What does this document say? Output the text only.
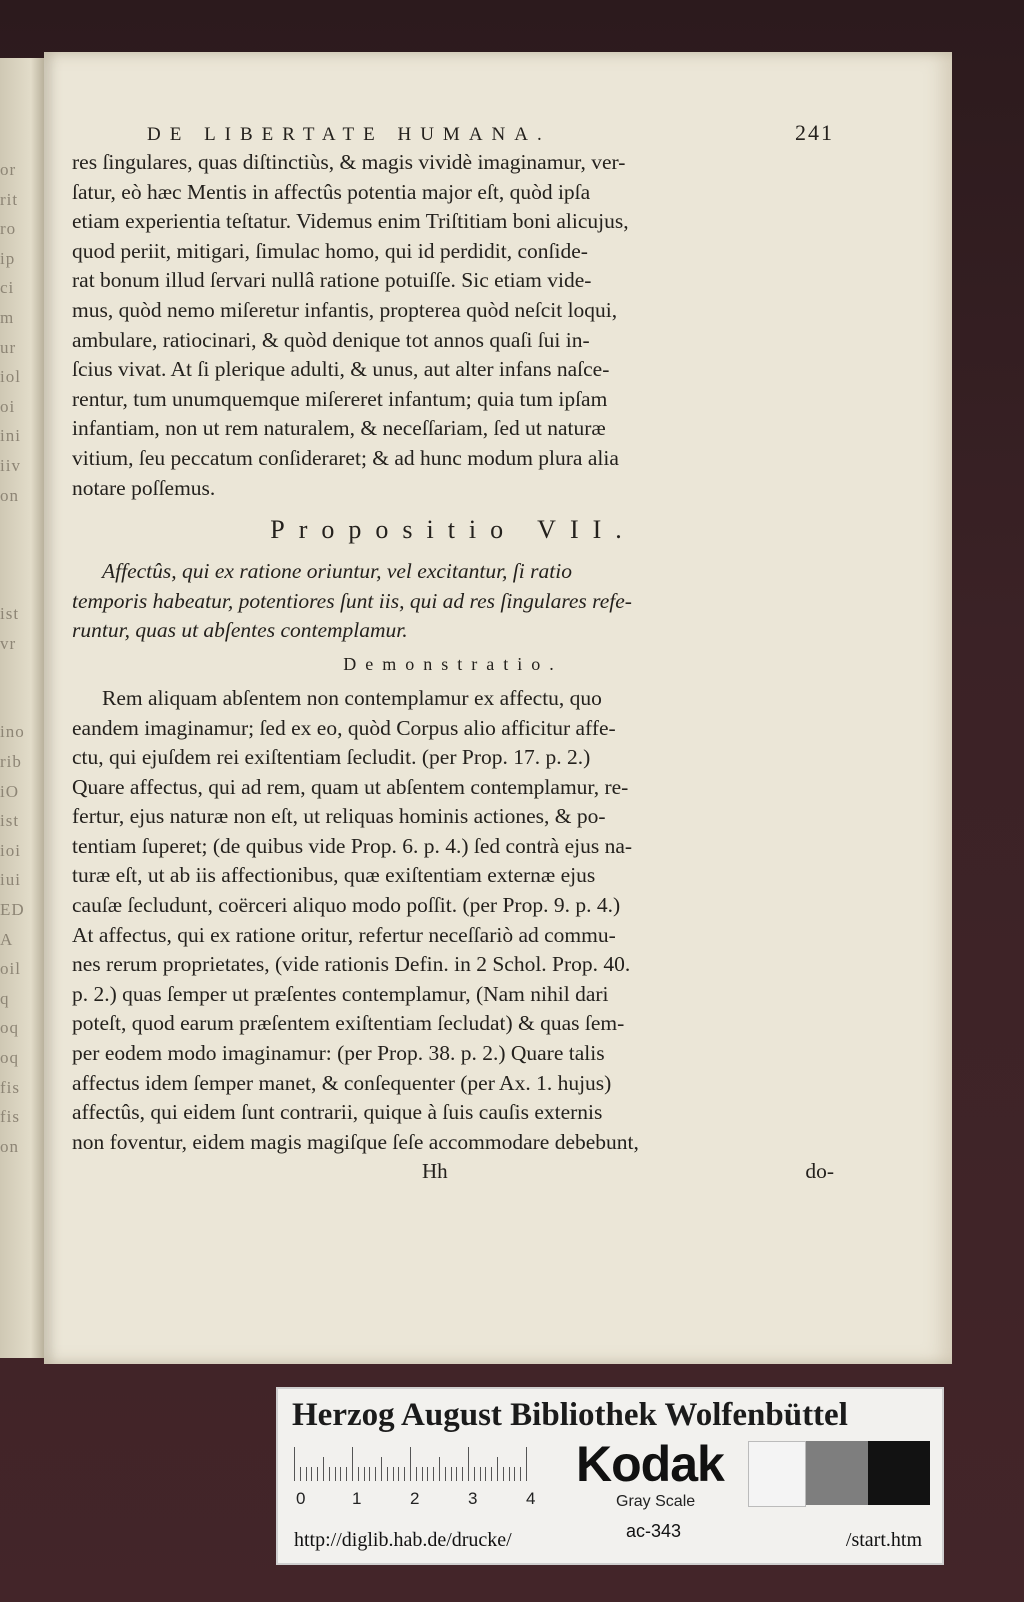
DE LIBERTATE HUMANA.	241
res ſingulares, quas diſtinctiùs, & magis vividè imaginamur, ver-
ſatur, eò hæc Mentis in affectûs potentia major eſt, quòd ipſa
etiam experientia teſtatur. Videmus enim Triſtitiam boni alicujus,
quod periit, mitigari, ſimulac homo, qui id perdidit, conſide-
rat bonum illud ſervari nullâ ratione potuiſſe. Sic etiam vide-
mus, quòd nemo miſeretur infantis, propterea quòd neſcit loqui,
ambulare, ratiocinari, & quòd denique tot annos quaſi ſui in-
ſcius vivat. At ſi plerique adulti, & unus, aut alter infans naſce-
rentur, tum unumquemque miſereret infantum; quia tum ipſam
infantiam, non ut rem naturalem, & neceſſariam, ſed ut naturæ
vitium, ſeu peccatum conſideraret; & ad hunc modum plura alia
notare poſſemus.
Propositio VII.
Affectûs, qui ex ratione oriuntur, vel excitantur, ſi ratio
temporis habeatur, potentiores ſunt iis, qui ad res ſingulares refe-
runtur, quas ut abſentes contemplamur.
Demonstratio.
Rem aliquam abſentem non contemplamur ex affectu, quo
eandem imaginamur; ſed ex eo, quòd Corpus alio afficitur affe-
ctu, qui ejuſdem rei exiſtentiam ſecludit. (per Prop. 17. p. 2.)
Quare affectus, qui ad rem, quam ut abſentem contemplamur, re-
fertur, ejus naturæ non eſt, ut reliquas hominis actiones, & po-
tentiam ſuperet; (de quibus vide Prop. 6. p. 4.) ſed contrà ejus na-
turæ eſt, ut ab iis affectionibus, quæ exiſtentiam externæ ejus
cauſæ ſecludunt, coërceri aliquo modo poſſit. (per Prop. 9. p. 4.)
At affectus, qui ex ratione oritur, refertur neceſſariò ad commu-
nes rerum proprietates, (vide rationis Defin. in 2 Schol. Prop. 40.
p. 2.) quas ſemper ut præſentes contemplamur, (Nam nihil dari
poteſt, quod earum præſentem exiſtentiam ſecludat) & quas ſem-
per eodem modo imaginamur: (per Prop. 38. p. 2.) Quare talis
affectus idem ſemper manet, & conſequenter (per Ax. 1. hujus)
affectûs, qui eidem ſunt contrarii, quique à ſuis cauſis externis
non foventur, eidem magis magiſque ſeſe accommodare debebunt,
Hh	do-
Herzog August Bibliothek Wolfenbüttel
0	1	2	3	4
Kodak
Gray Scale
http://diglib.hab.de/drucke/	ac-343	/start.htm
or
rit
ro
ip
ci
m
ur
iol
oi
ini
iiv
on
ist
vr
ino
rib
iO
ist
ioi
iui
ED
A
oil
q
oq
oq
fis
fis
on
